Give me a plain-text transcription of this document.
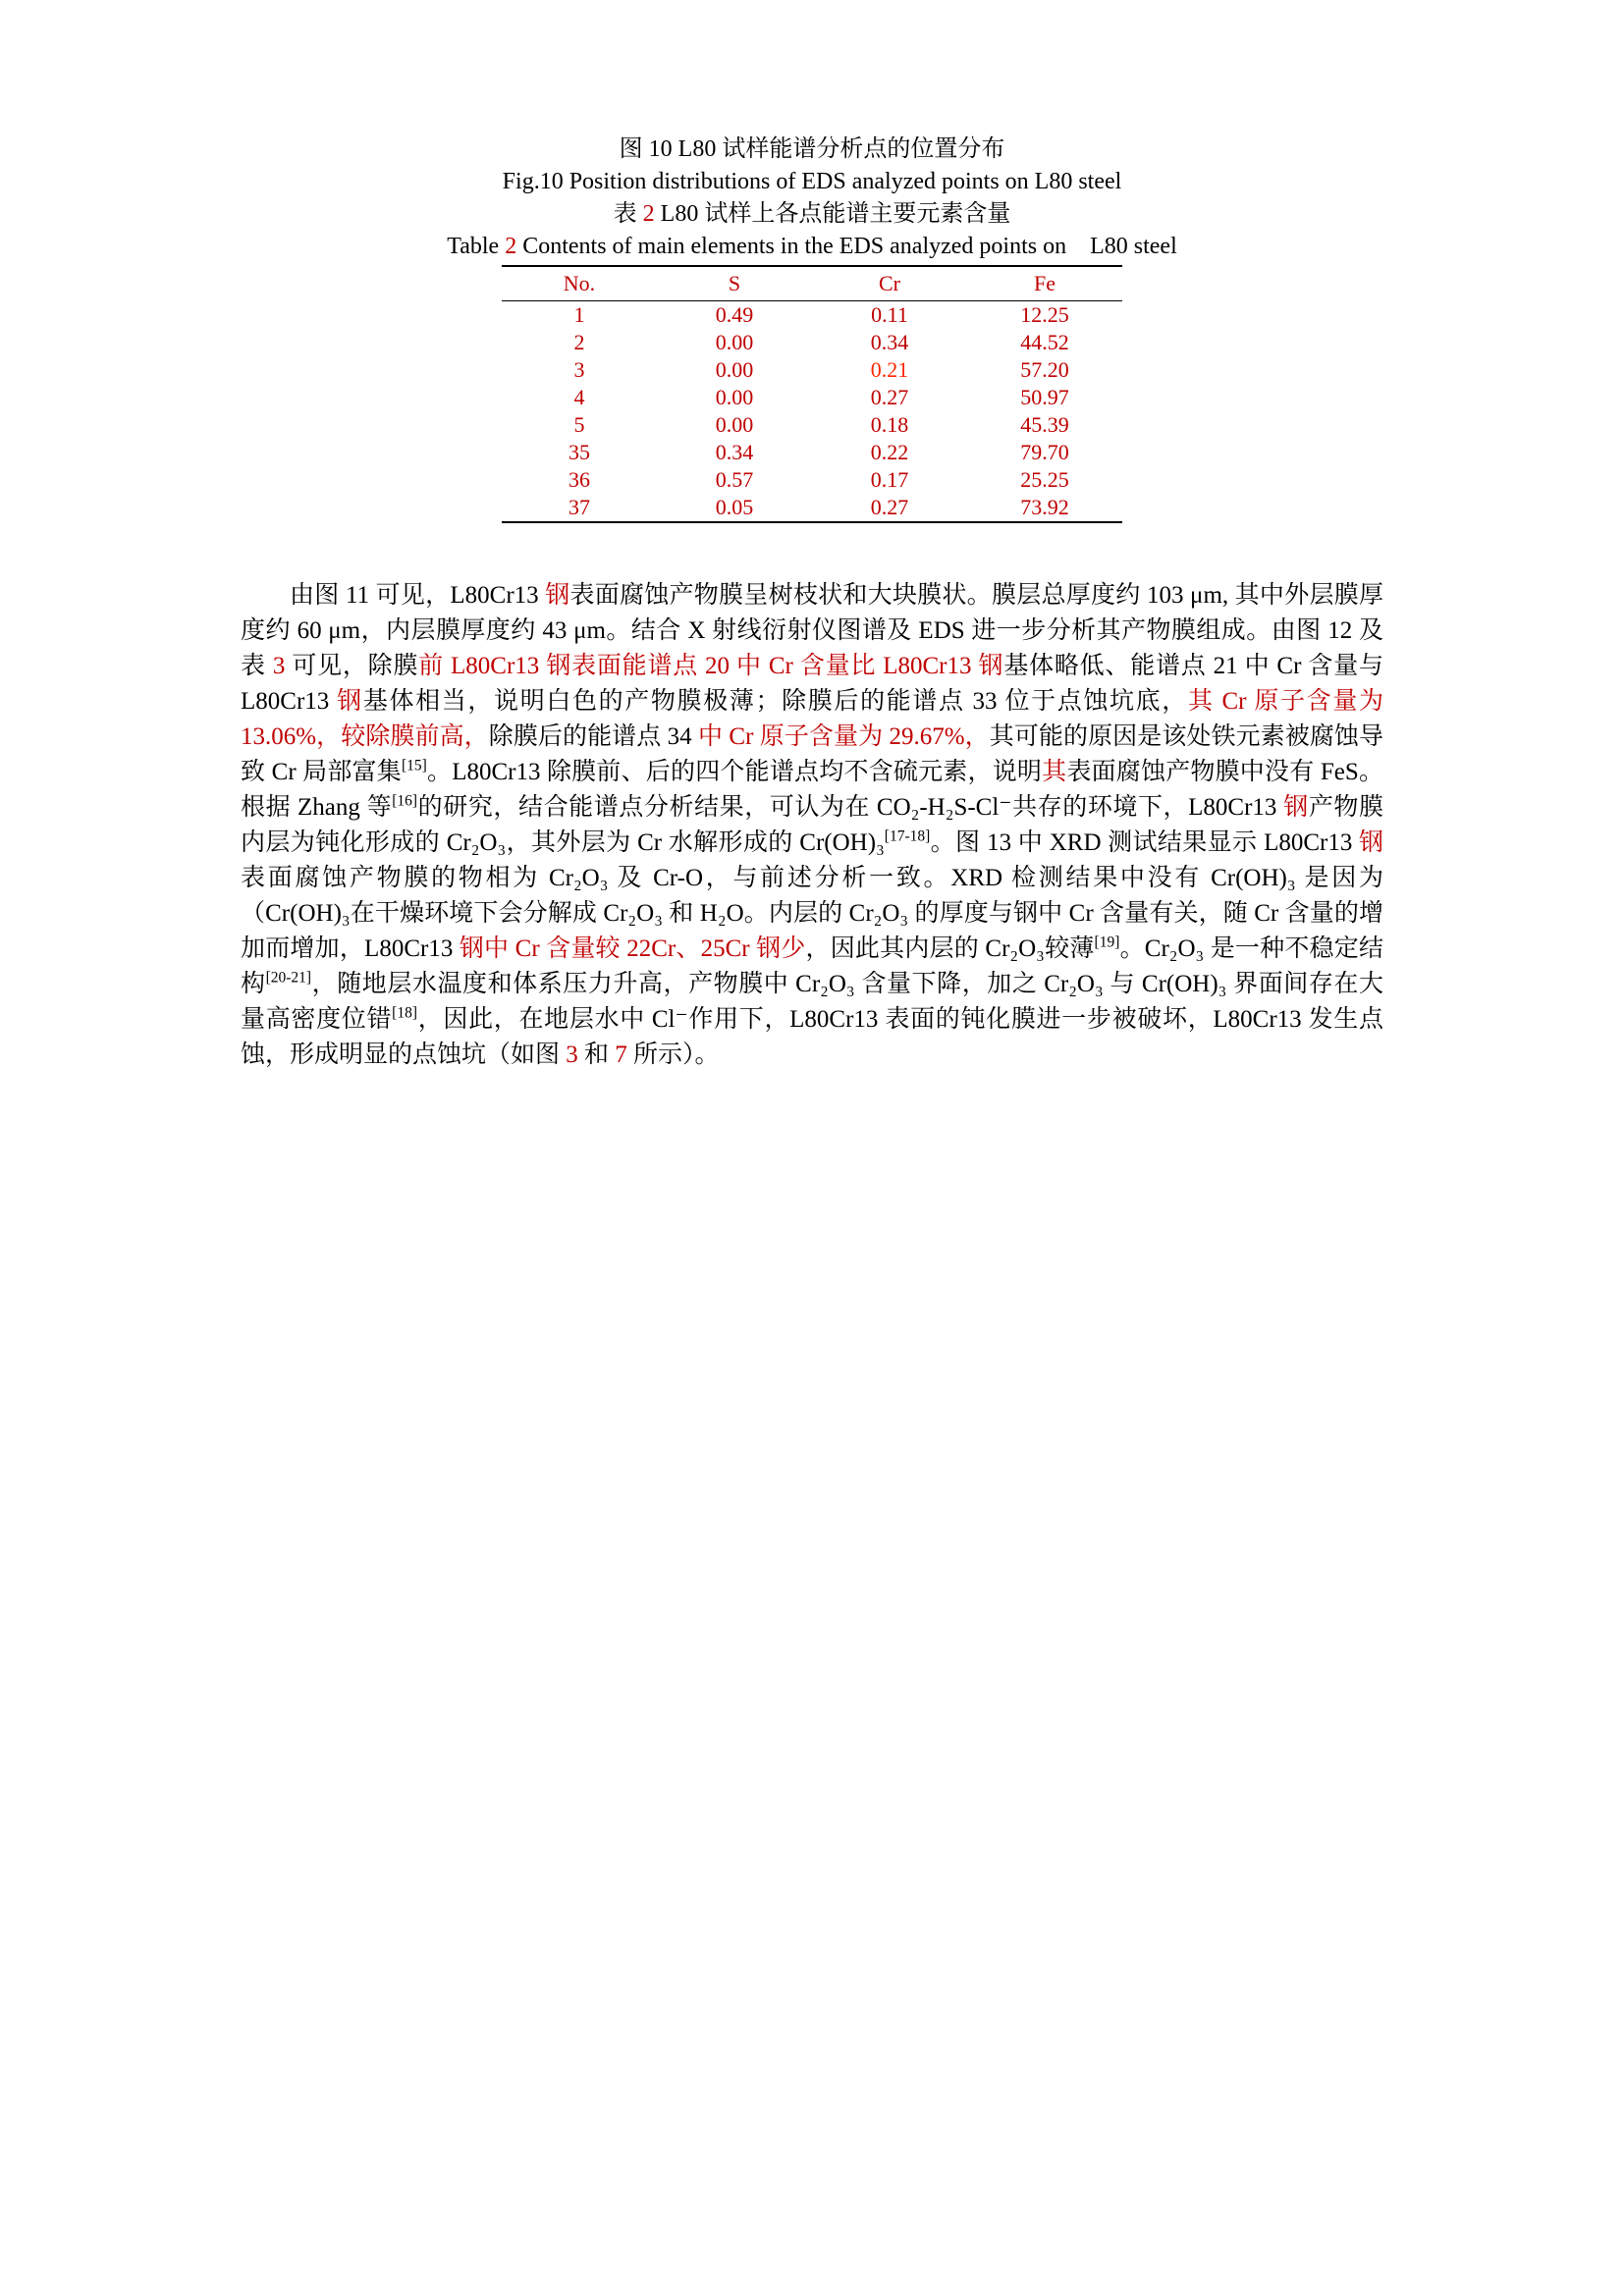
图 10 L80 试样能谱分析点的位置分布

Fig.10 Position distributions of EDS analyzed points on L80 steel

表 2 L80 试样上各点能谱主要元素含量

Table 2 Contents of main elements in the EDS analyzed points on    L80 steel

No.	S	Cr	Fe
1	0.49	0.11	12.25
2	0.00	0.34	44.52
3	0.00	0.21	57.20
4	0.00	0.27	50.97
5	0.00	0.18	45.39
35	0.34	0.22	79.70
36	0.57	0.17	25.25
37	0.05	0.27	73.92

由图 11 可见，L80Cr13 钢表面腐蚀产物膜呈树枝状和大块膜状。膜层总厚度约 103 μm, 其中外层膜厚度约 60 μm，内层膜厚度约 43 μm。结合 X 射线衍射仪图谱及 EDS 进一步分析其产物膜组成。由图 12 及表 3 可见，除膜前 L80Cr13 钢表面能谱点 20 中 Cr 含量比 L80Cr13 钢基体略低、能谱点 21 中 Cr 含量与 L80Cr13 钢基体相当，说明白色的产物膜极薄；除膜后的能谱点 33 位于点蚀坑底，其 Cr 原子含量为 13.06%，较除膜前高，除膜后的能谱点 34 中 Cr 原子含量为 29.67%，其可能的原因是该处铁元素被腐蚀导致 Cr 局部富集[15]。L80Cr13 除膜前、后的四个能谱点均不含硫元素，说明其表面腐蚀产物膜中没有 FeS。根据 Zhang 等[16]的研究，结合能谱点分析结果，可认为在 CO₂-H₂S-Cl⁻共存的环境下，L80Cr13 钢产物膜内层为钝化形成的 Cr₂O₃，其外层为 Cr 水解形成的 Cr(OH)₃[17-18]。图 13 中 XRD 测试结果显示 L80Cr13 钢表面腐蚀产物膜的物相为 Cr₂O₃ 及 Cr-O，与前述分析一致。XRD 检测结果中没有 Cr(OH)₃ 是因为（Cr(OH)₃在干燥环境下会分解成 Cr₂O₃ 和 H₂O。内层的 Cr₂O₃ 的厚度与钢中 Cr 含量有关，随 Cr 含量的增加而增加，L80Cr13 钢中 Cr 含量较 22Cr、25Cr 钢少，因此其内层的 Cr₂O₃较薄[19]。Cr₂O₃ 是一种不稳定结构[20-21]，随地层水温度和体系压力升高，产物膜中 Cr₂O₃ 含量下降，加之 Cr₂O₃ 与 Cr(OH)₃ 界面间存在大量高密度位错[18]，因此，在地层水中 Cl⁻作用下，L80Cr13 表面的钝化膜进一步被破坏，L80Cr13 发生点蚀，形成明显的点蚀坑（如图 3 和 7 所示）。
